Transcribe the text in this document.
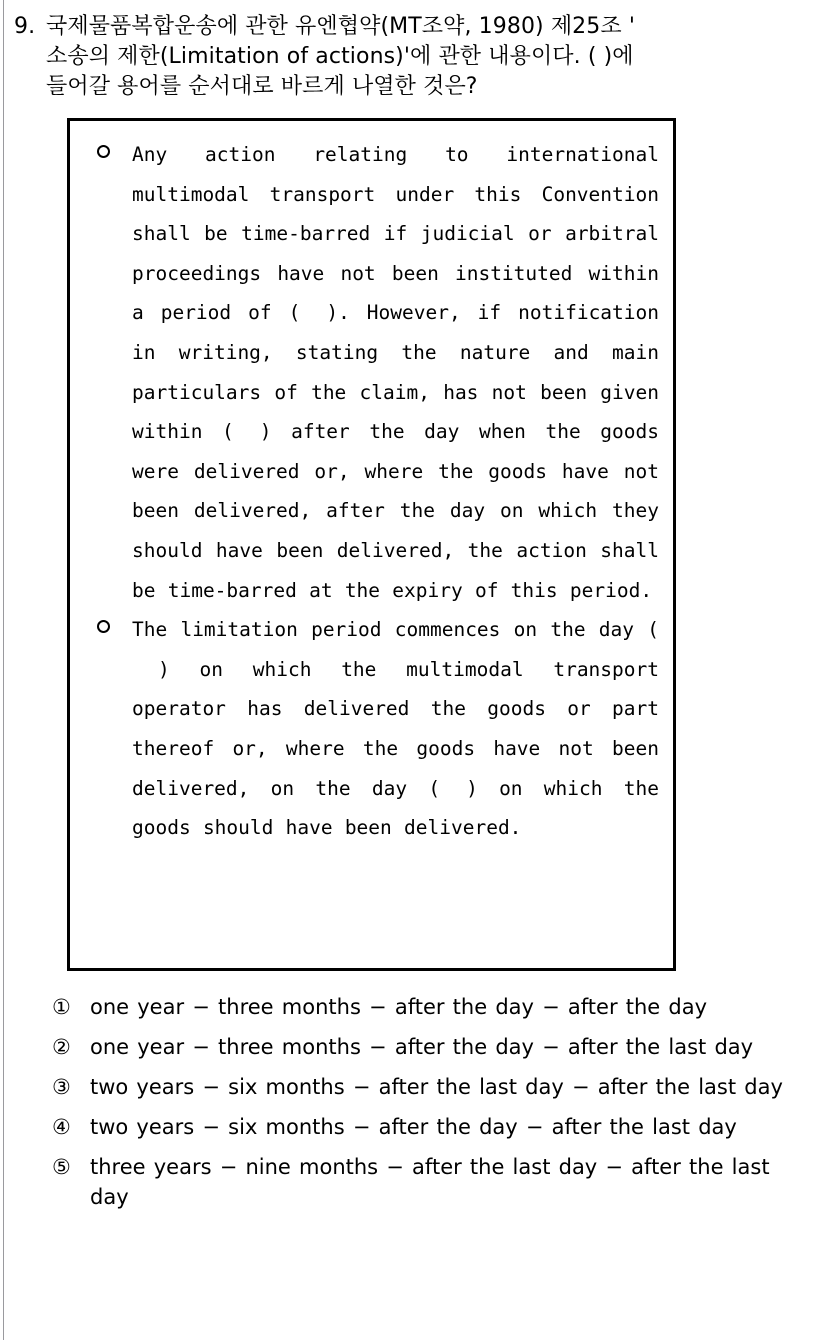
9. 국제물품복합운송에 관한 유엔협약(MT조약, 1980) 제25조 '
소송의 제한(Limitation of actions)'에 관한 내용이다. ( )에
들어갈 용어를 순서대로 바르게 나열한 것은?
Any action relating to international multimodal transport under this Convention shall be time-barred if judicial or arbitral proceedings have not been instituted within a period of ( ). However, if notification in writing, stating the nature and main particulars of the claim, has not been given within ( ) after the day when the goods were delivered or, where the goods have not been delivered, after the day on which they should have been delivered, the action shall be time-barred at the expiry of this period.
The limitation period commences on the day () on which the multimodal transport operator has delivered the goods or part thereof or, where the goods have not been delivered, on the day ( ) on which the goods should have been delivered.
① one year − three months − after the day − after the day
② one year − three months − after the day − after the last day
③ two years − six months − after the last day − after the last day
④ two years − six months − after the day − after the last day
⑤ three years − nine months − after the last day − after the last day
